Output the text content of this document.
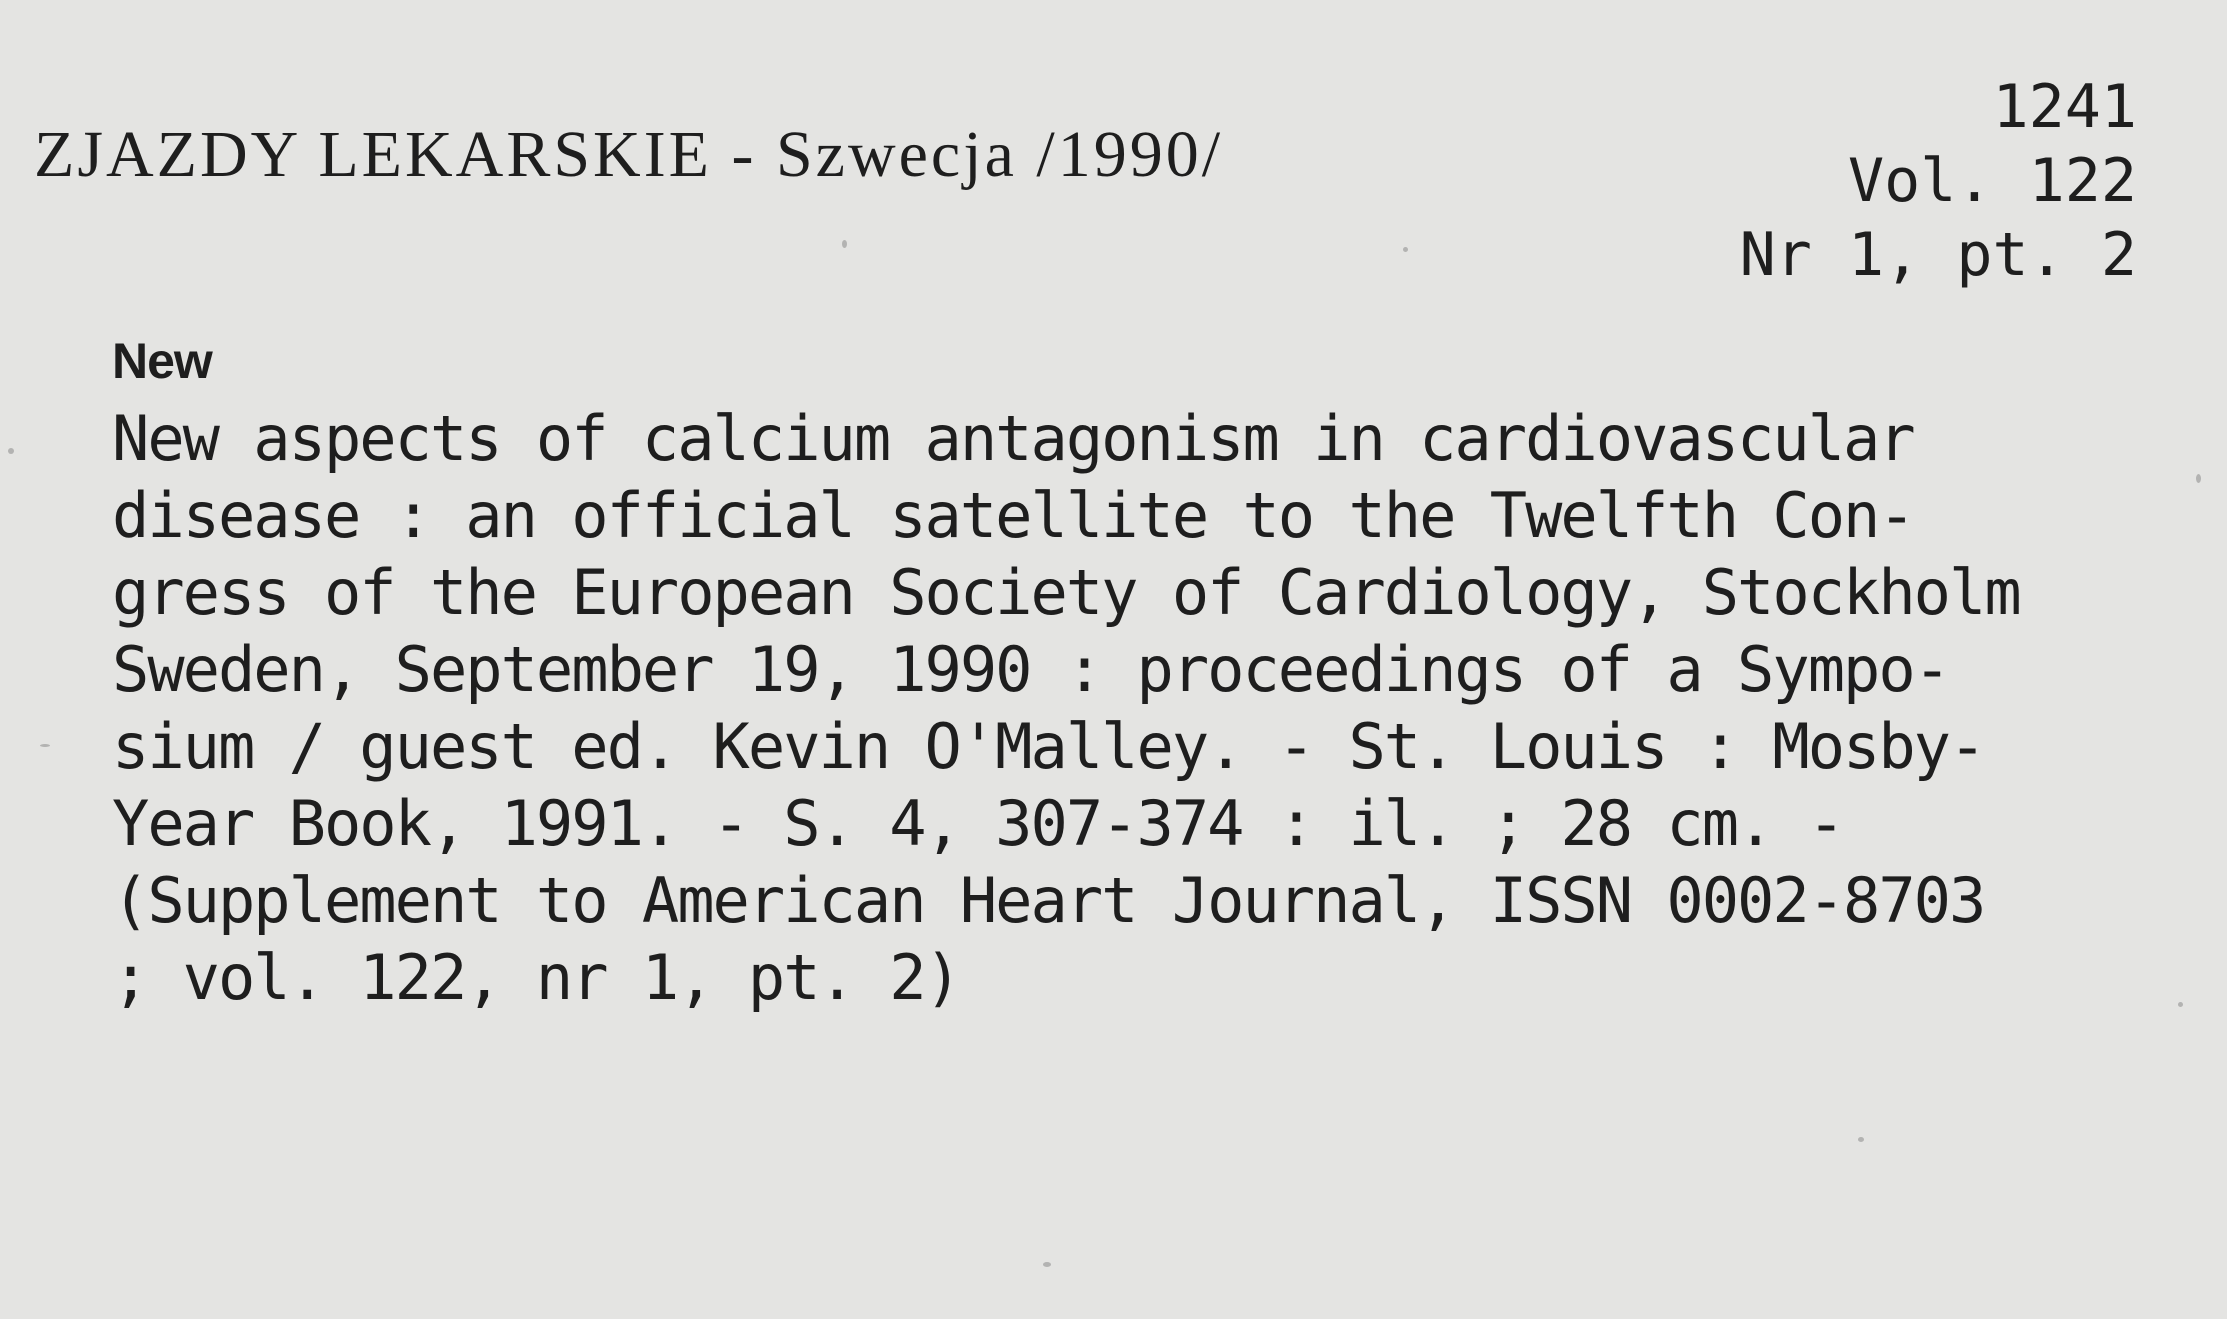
ZJAZDY LEKARSKIE - Szwecja /1990/
1241
Vol. 122
Nr 1, pt. 2
New
New aspects of calcium antagonism in cardiovascular
disease : an official satellite to the Twelfth Con-
gress of the European Society of Cardiology, Stockholm
Sweden, September 19, 1990 : proceedings of a Sympo-
sium / guest ed. Kevin O'Malley. - St. Louis : Mosby-
Year Book, 1991. - S. 4, 307-374 : il. ; 28 cm. -
(Supplement to American Heart Journal, ISSN 0002-8703
; vol. 122, nr 1, pt. 2)
